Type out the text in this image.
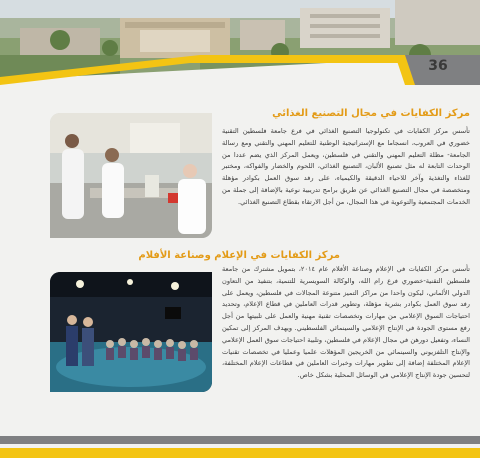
36
مركز الكفايات في مجال التصنيع الغذائي
تأسس مركز الكفايات في تكنولوجيا التصنيع الغذائي في فرع جامعة فلسطين التقنية خضوري في العروب، انسجاما مع الإستراتيجية الوطنية للتعليم المهني والتقني ومع رسالة الجامعة- مظلة التعليم المهني والتقني في فلسطين، ويعمل المركز الذي يضم عددا من الوحدات التابعة له مثل تصنيع الألبان، التصنيع الغذائي، اللحوم والخضار والفواكه، ومختبر للغذاء والتغذية وآخر للاحياء الدقيقة والكيمياء، على رفد سوق العمل بكوادر مؤهلة ومتخصصة في مجال التصنيع الغذائي عن طريق برامج تدريبية نوعية بالإضافة إلى جملة من الخدمات المجتمعية والتوعوية في هذا المجال، من أجل الارتقاء بقطاع التصنيع الغذائي.
مركز الكفايات في الإعلام وصناعة الأفلام
تأسس مركز الكفايات في الإعلام وصناعة الأفلام عام ٢٠١٤، بتمويل مشترك من جامعة فلسطين التقنية-خضوري فرع رام الله، والوكالة السويسرية للتنمية، بتنفيذ من التعاون الدولي الألماني، ليكون واحدا من مراكز التميز متنوعة المجالات في فلسطين، ويعمل على رفد سوق العمل بكوادر بشرية مؤهلة، وتطوير قدرات العاملين في قطاع الإعلام، وتحديد احتياجات السوق الإعلامي من مهارات وتخصصات تقنية مهنية والعمل على تلبيتها من أجل رفع مستوى الجودة في الإنتاج الإعلامي والسينمائي الفلسطيني. ويهدف المركز إلى تمكين النساء، وتفعيل دورهن في مجال الإعلام في فلسطين، وتلبية احتياجات سوق العمل الإعلامي والإنتاج التلفزيوني والسينمائي من الخريجين المؤهلات علميا وعمليا في تخصصات تقنيات الإعلام المختلفة إضافة إلى تطوير مهارات وخبرات العاملين في قطاعات الإعلام المختلفة، لتحسين جودة الإنتاج الإعلامي في الوسائل المحلية بشكل خاص.
